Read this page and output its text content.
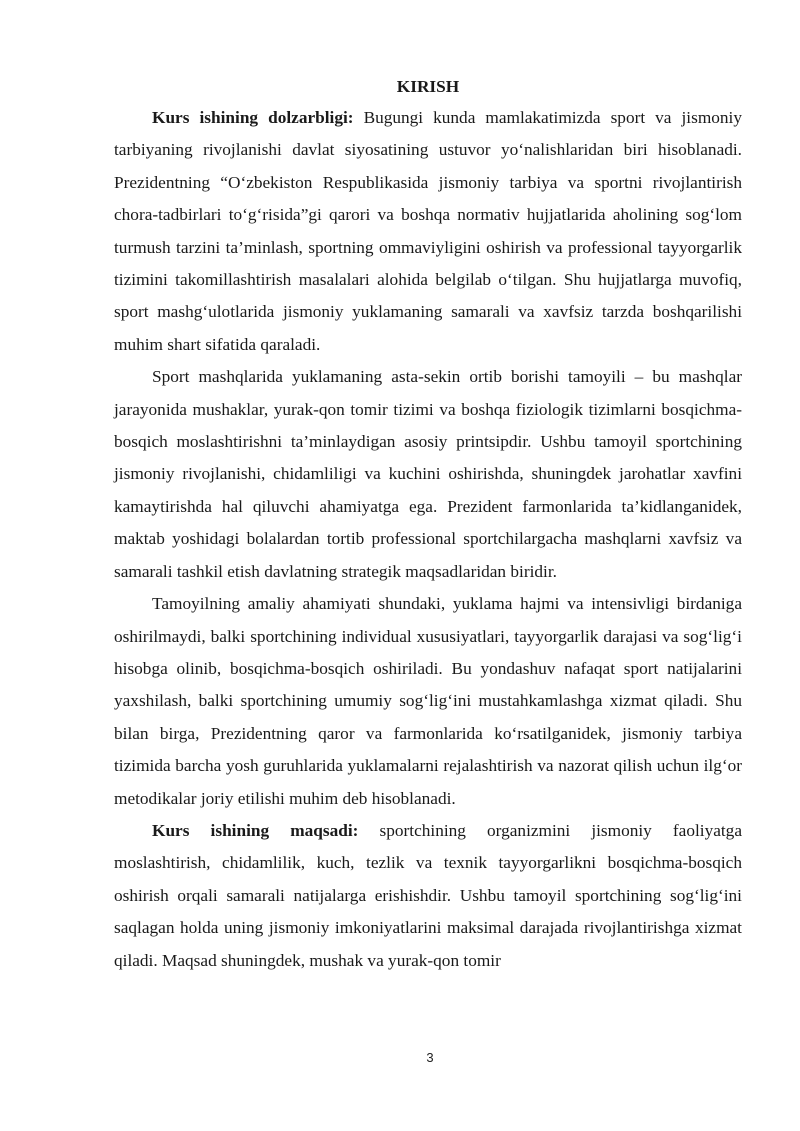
KIRISH

Kurs ishining dolzarbligi: Bugungi kunda mamlakatimizda sport va jismoniy tarbiyaning rivojlanishi davlat siyosatining ustuvor yo‘nalishlaridan biri hisoblanadi. Prezidentning “O‘zbekiston Respublikasida jismoniy tarbiya va sportni rivojlantirish chora-tadbirlari to‘g‘risida”gi qarori va boshqa normativ hujjatlarida aholining sog‘lom turmush tarzini ta’minlash, sportning ommaviyligini oshirish va professional tayyorgarlik tizimini takomillashtirish masalalari alohida belgilab o‘tilgan. Shu hujjatlarga muvofiq, sport mashg‘ulotlarida jismoniy yuklamaning samarali va xavfsiz tarzda boshqarilishi muhim shart sifatida qaraladi.

Sport mashqlarida yuklamaning asta-sekin ortib borishi tamoyili – bu mashqlar jarayonida mushaklar, yurak-qon tomir tizimi va boshqa fiziologik tizimlarni bosqichma-bosqich moslashtirishni ta’minlaydigan asosiy printsipdir. Ushbu tamoyil sportchining jismoniy rivojlanishi, chidamliligi va kuchini oshirishda, shuningdek jarohatlar xavfini kamaytirishda hal qiluvchi ahamiyatga ega. Prezident farmonlarida ta’kidlanganidek, maktab yoshidagi bolalardan tortib professional sportchilargacha mashqlarni xavfsiz va samarali tashkil etish davlatning strategik maqsadlaridan biridir.

Tamoyilning amaliy ahamiyati shundaki, yuklama hajmi va intensivligi birdaniga oshirilmaydi, balki sportchining individual xususiyatlari, tayyorgarlik darajasi va sog‘lig‘i hisobga olinib, bosqichma-bosqich oshiriladi. Bu yondashuv nafaqat sport natijalarini yaxshilash, balki sportchining umumiy sog‘lig‘ini mustahkamlashga xizmat qiladi. Shu bilan birga, Prezidentning qaror va farmonlarida ko‘rsatilganidek, jismoniy tarbiya tizimida barcha yosh guruhlarida yuklamalarni rejalashtirish va nazorat qilish uchun ilg‘or metodikalar joriy etilishi muhim deb hisoblanadi.

Kurs ishining maqsadi: sportchining organizmini jismoniy faoliyatga moslashtirish, chidamlilik, kuch, tezlik va texnik tayyorgarlikni bosqichma-bosqich oshirish orqali samarali natijalarga erishishdir. Ushbu tamoyil sportchining sog‘lig‘ini saqlagan holda uning jismoniy imkoniyatlarini maksimal darajada rivojlantirishga xizmat qiladi. Maqsad shuningdek, mushak va yurak-qon tomir

3
